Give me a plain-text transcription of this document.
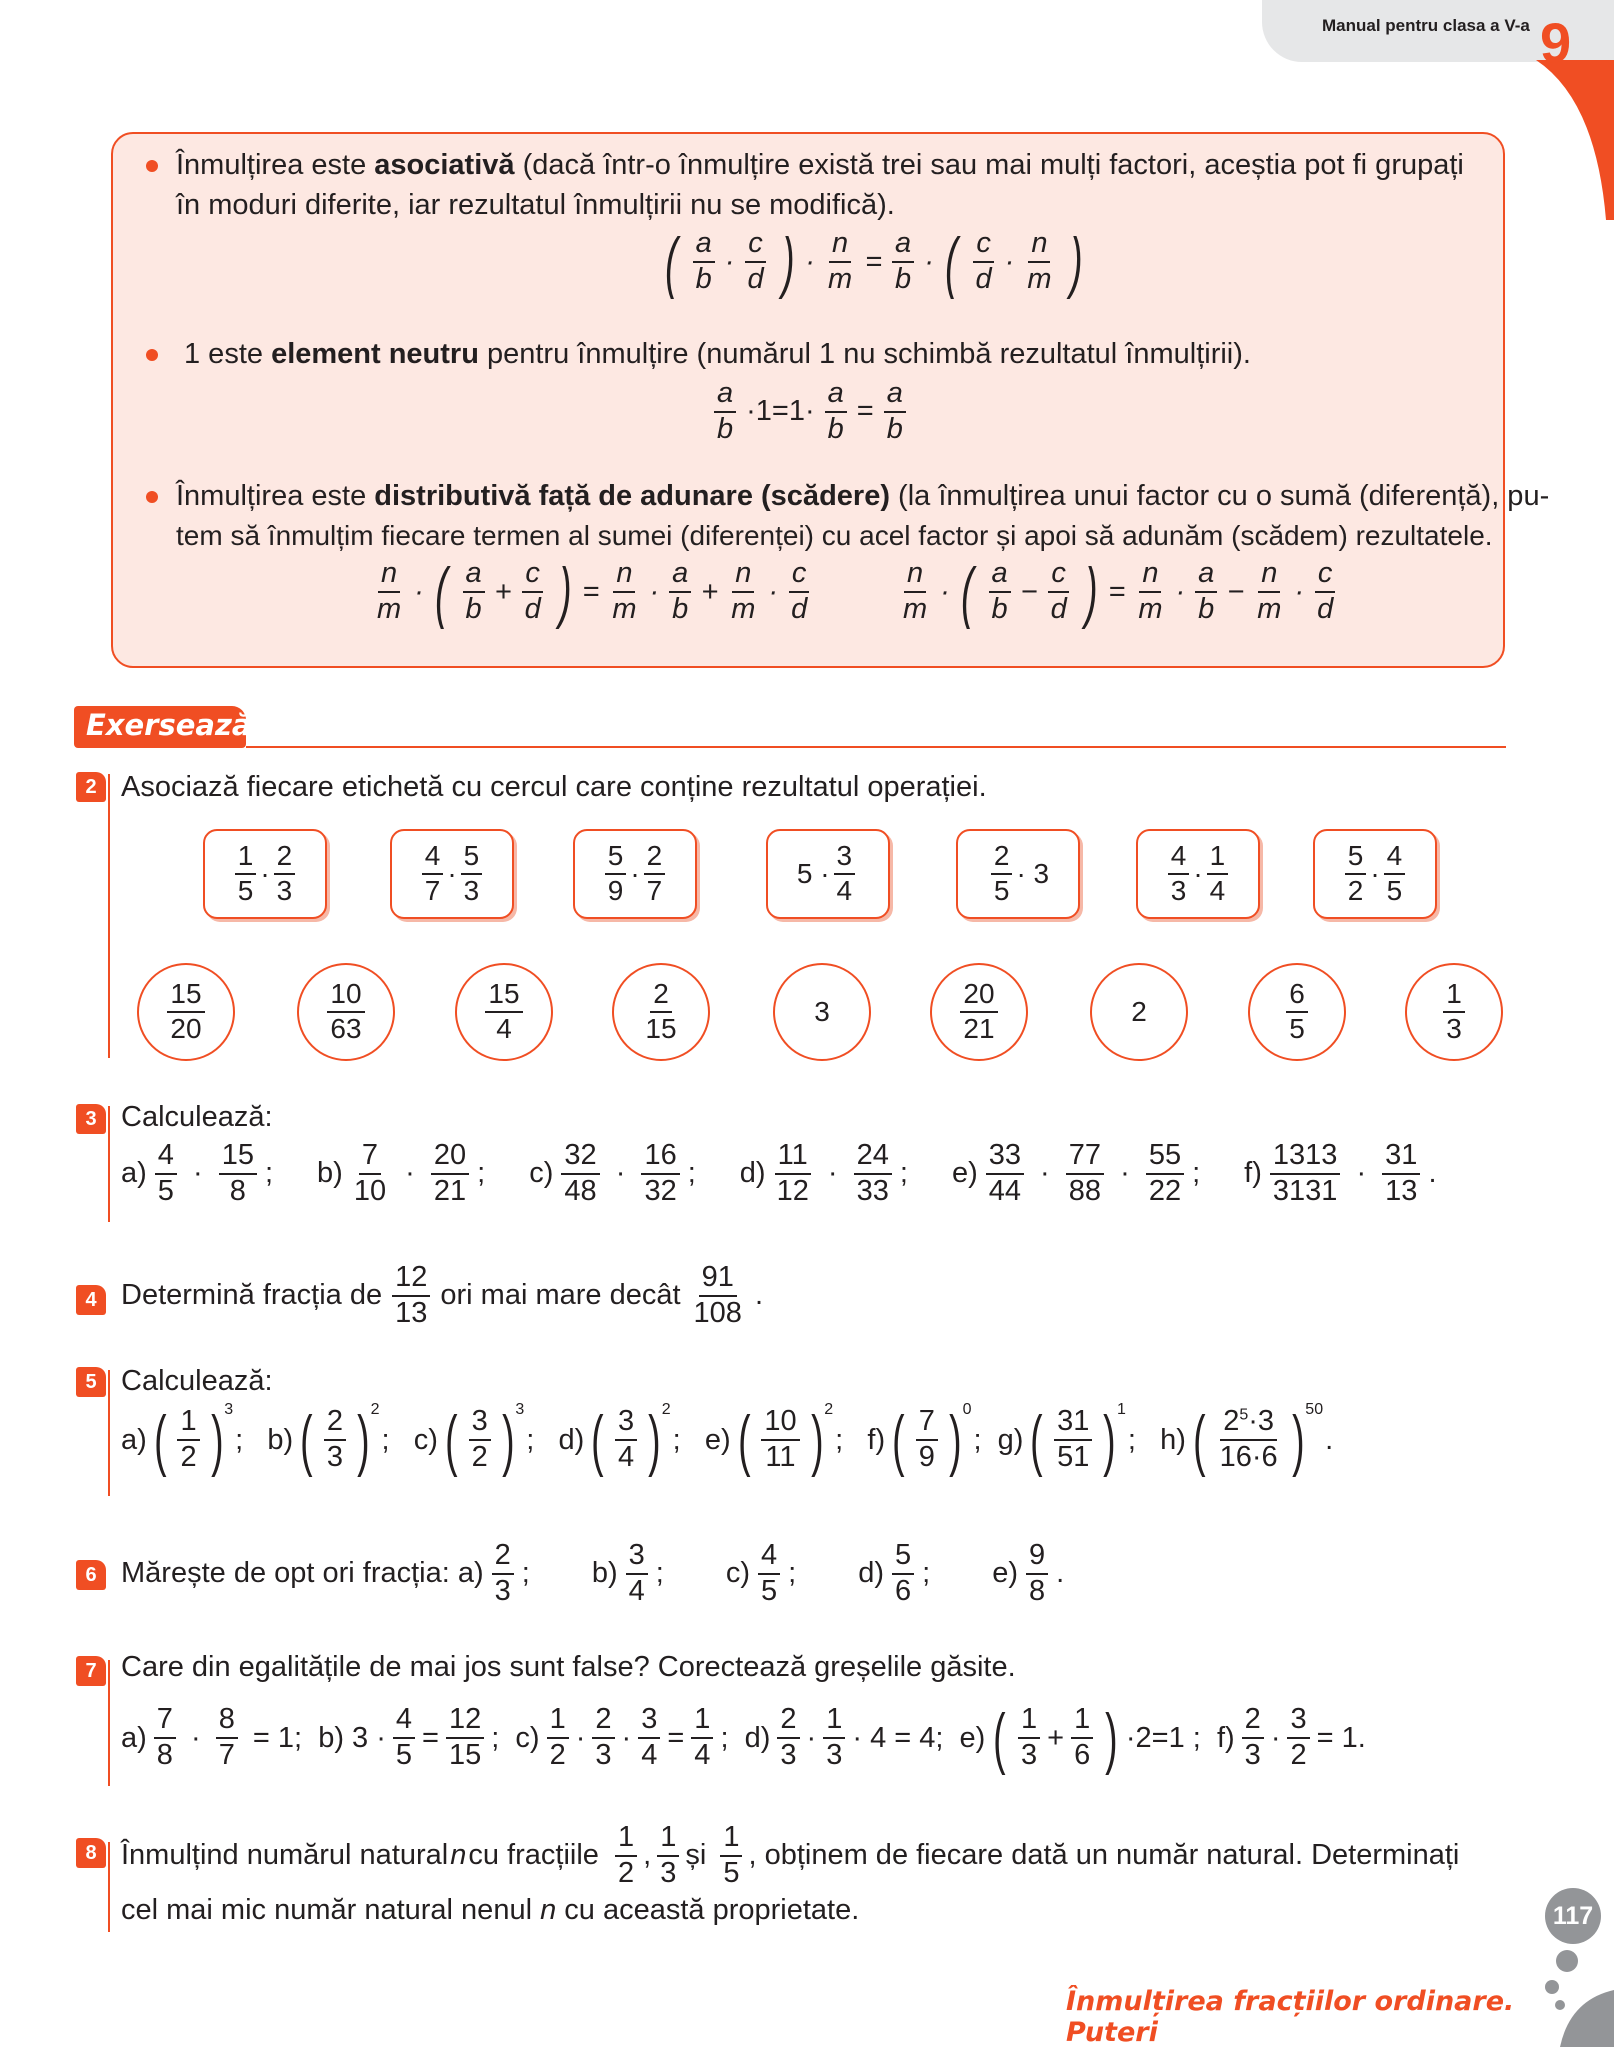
Manual pentru clasa a V-a 9
Înmulțirea este asociativă (dacă într-o înmulțire există trei sau mai mulți factori, aceștia pot fi grupați
în moduri diferite, iar rezultatul înmulțirii nu se modifică).
( a
b
·
c
d ) ·
n
m
=
a
b
· ( c
d
·
n
m )
1 este element neutru pentru înmulțire (numărul 1 nu schimbă rezultatul înmulțirii).
a
b
·1=1·
a
b
=
a
b
Înmulțirea este distributivă față de adunare (scădere) (la înmulțirea unui factor cu o sumă (diferență), pu-
tem să înmulțim fiecare termen al sumei (diferenței) cu acel factor și apoi să adunăm (scădem) rezultatele.
n
m
· ( a
b
+
c
d ) =
n
m
·
a
b
+
n
m
·
c
d
n
m
· ( a
b
−
c
d ) =
n
m
·
a
b
−
n
m
·
c
d
Exersează!
2 Asociază fiecare etichetă cu cercul care conține rezultatul operației.
1
5
·
2
3
4
7
·
5
3
5
9
·
2
7
5 ·
3
4
2
5
· 3
4
3
·
1
4
5
2
·
4
5
15
20
10
63
15
4
2
15
3
20
21
2
6
5
1
3
3 Calculează:
a)
4
5
·
15
8
;
b)
7
10
·
20
21
;
c)
32
48
·
16
32
;
d)
11
12
·
24
33
;
e)
33
44
·
77
88
·
55
22
;
f)
1313
3131
·
31
13
.
4 Determină fracția de
12
13
ori mai mare decât
91
108
.
5 Calculează:
a) ( 1
2 ) 3
;   b) ( 2
3 ) 2
;   c) ( 3
2 ) 3
;   d) ( 3
4 ) 2
;   e) ( 10
11 ) 2
;   f) ( 7
9 ) 0
;  g) ( 31
51 ) 1
;   h) ( $2^5\cdot 3$
16·6 ) 50
.
6 Mărește de opt ori fracția: a)
2
3
;
b)
3
4
;
c)
4
5
;
d)
5
6
;
e)
9
8
.
7 Care din egalitățile de mai jos sunt false? Corectează greșelile găsite.
a)
7
8
·
8
7
= 1;  b) 3 ·
4
5
=
12
15
;  c)
1
2
·
2
3
·
3
4
=
1
4
;  d)
2
3
·
1
3
· 4 = 4;  e) ( 1
3
+
1
6 ) ·2=1 ;  f)
2
3
·
3
2
= 1.
8 Înmulțind numărul natural n cu fracțiile

1
2
,
1
3
și
1
5
, obținem de fiecare dată un număr natural. Determinați
cel mai mic număr natural nenul n cu această proprietate.	117
Înmulțirea fracțiilor ordinare. Puteri
